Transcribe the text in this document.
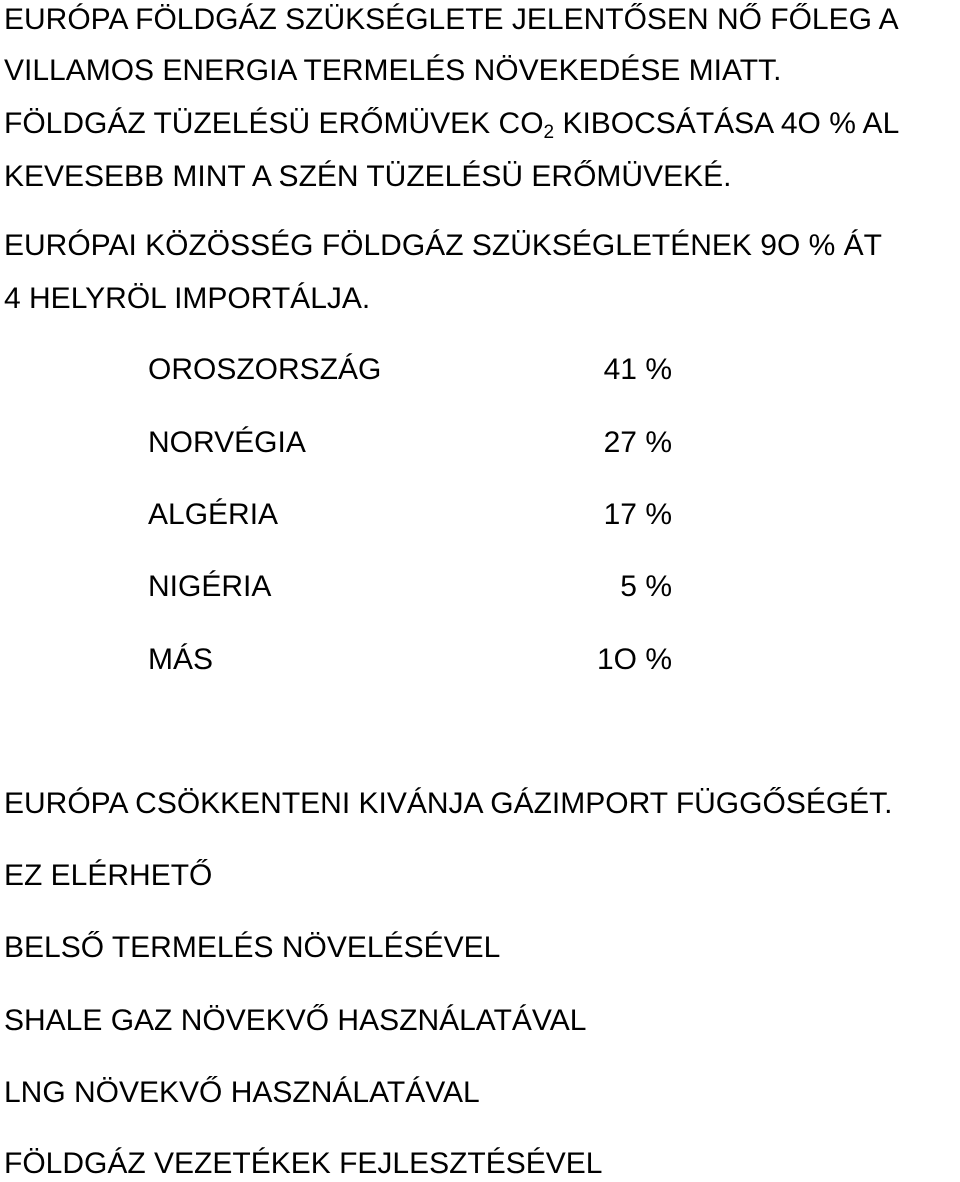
EURÓPA FÖLDGÁZ SZÜKSÉGLETE JELENTŐSEN NŐ FŐLEG A
VILLAMOS ENERGIA TERMELÉS NÖVEKEDÉSE MIATT.
FÖLDGÁZ TÜZELÉSÜ ERŐMÜVEK CO2 KIBOCSÁTÁSA 4O % AL
KEVESEBB MINT A SZÉN TÜZELÉSÜ ERŐMÜVEKÉ.
EURÓPAI KÖZÖSSÉG FÖLDGÁZ SZÜKSÉGLETÉNEK 9O % ÁT
4 HELYRÖL IMPORTÁLJA.
OROSZORSZÁG	41 %
NORVÉGIA	27 %
ALGÉRIA	17 %
NIGÉRIA	5 %
MÁS	1O %
EURÓPA CSÖKKENTENI KIVÁNJA GÁZIMPORT FÜGGŐSÉGÉT.
EZ ELÉRHETŐ
BELSŐ TERMELÉS NÖVELÉSÉVEL
SHALE GAZ NÖVEKVŐ HASZNÁLATÁVAL
LNG NÖVEKVŐ HASZNÁLATÁVAL
FÖLDGÁZ VEZETÉKEK FEJLESZTÉSÉVEL
